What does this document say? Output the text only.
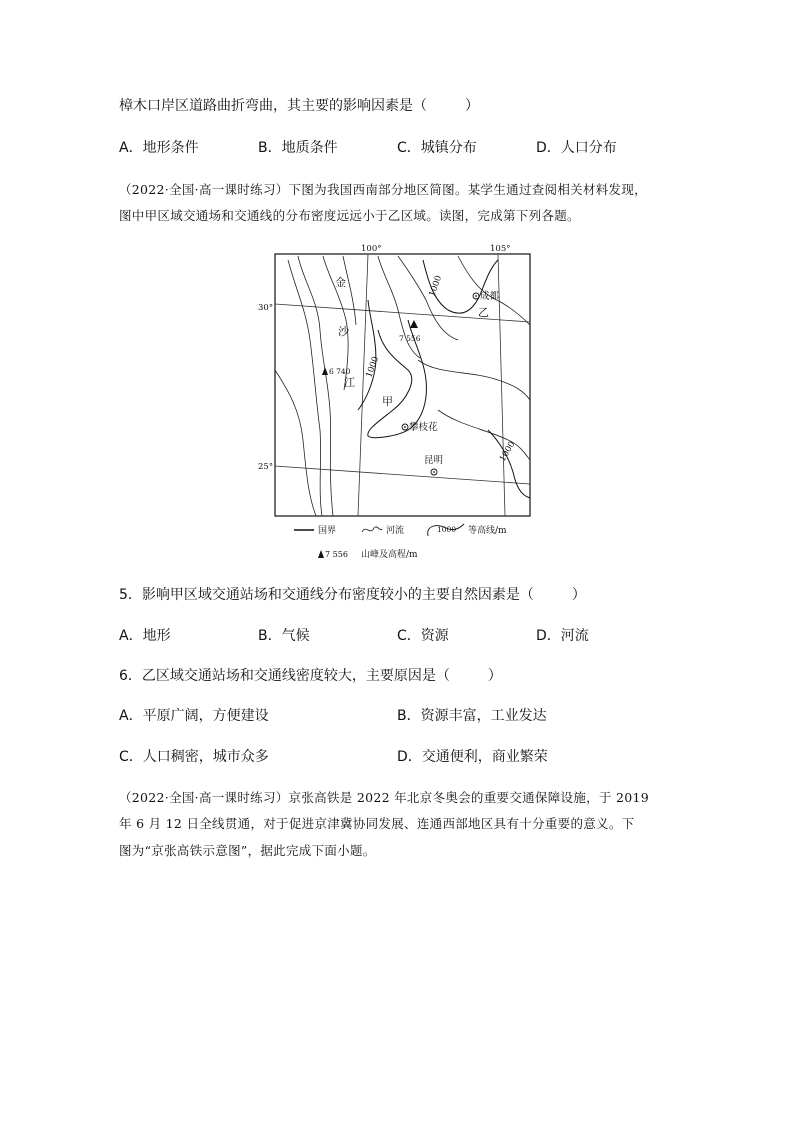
樟木口岸区道路曲折弯曲，其主要的影响因素是（	）
A．地形条件	B．地质条件	C．城镇分布	D．人口分布
（2022·全国·高一课时练习）下图为我国西南部分地区简图。某学生通过查阅相关材料发现，
图中甲区域交通场和交通线的分布密度远远小于乙区域。读图，完成第下列各题。
100°	105°
30°
25°
1000
1000
1000
金
沙
江
7 556
6 740
成都
乙
甲
攀枝花
昆明
国界	河流	1000 等高线/m
7 556 山峰及高程/m
5．影响甲区域交通站场和交通线分布密度较小的主要自然因素是（	）
A．地形	B．气候	C．资源	D．河流
6．乙区域交通站场和交通线密度较大，主要原因是（	）
A．平原广阔，方便建设	B．资源丰富，工业发达
C．人口稠密，城市众多	D．交通便利，商业繁荣
（2022·全国·高一课时练习）京张高铁是 2022 年北京冬奥会的重要交通保障设施，于 2019
年 6 月 12 日全线贯通，对于促进京津冀协同发展、连通西部地区具有十分重要的意义。下
图为“京张高铁示意图”，据此完成下面小题。
